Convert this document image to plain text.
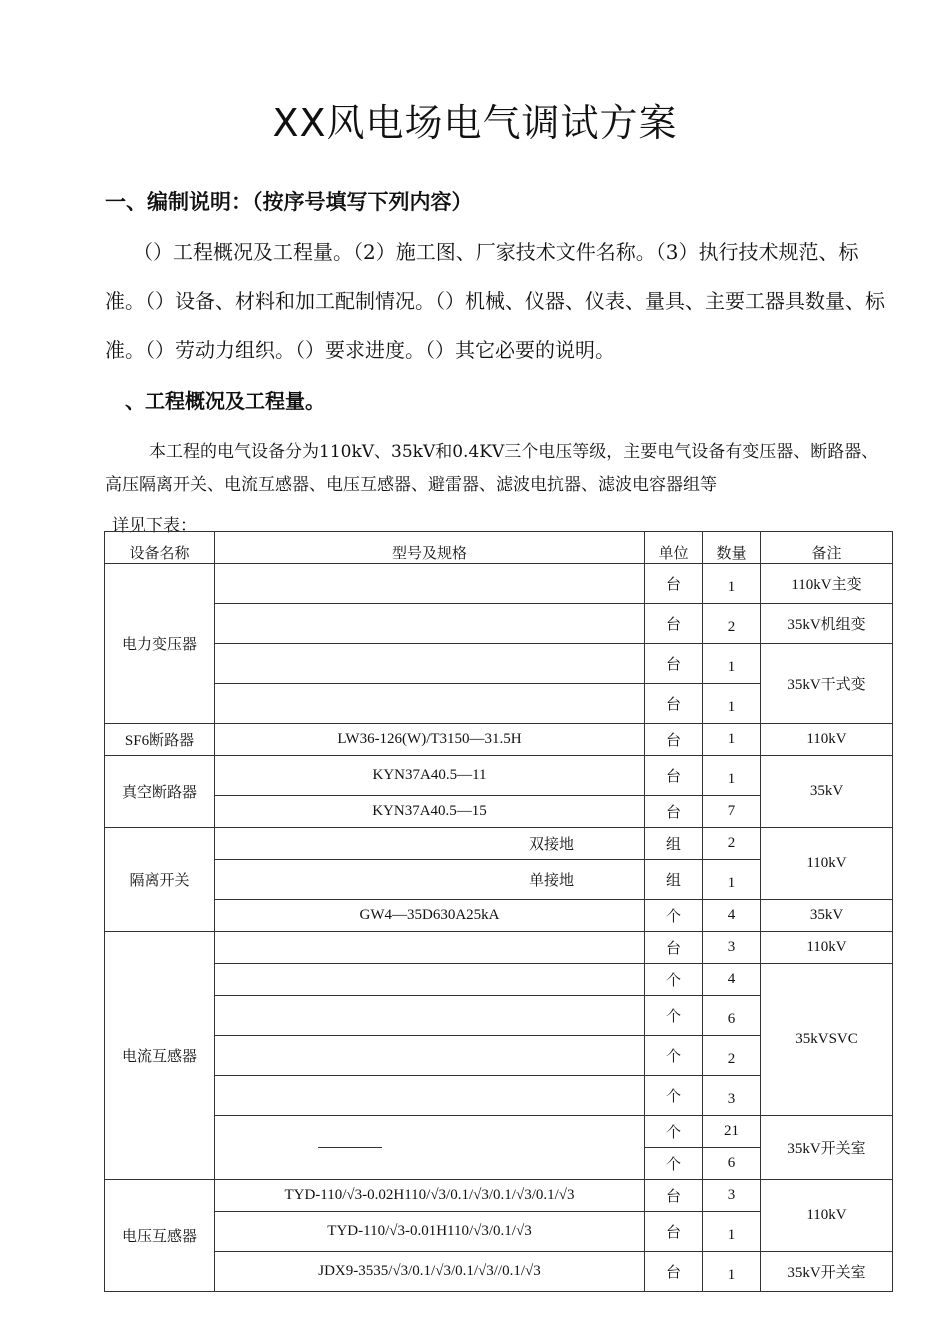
XX风电场电气调试方案
一、编制说明：（按序号填写下列内容）
（）工程概况及工程量。（2）施工图、厂家技术文件名称。（3）执行技术规范、标准。（）设备、材料和加工配制情况。（）机械、仪器、仪表、量具、主要工器具数量、标准。（）劳动力组织。（）要求进度。（）其它必要的说明。
、工程概况及工程量。
本工程的电气设备分为110kV、35kV和0.4KV三个电压等级，主要电气设备有变压器、断路器、高压隔离开关、电流互感器、电压互感器、避雷器、滤波电抗器、滤波电容器组等
详见下表：
设备名称	型号及规格	单位	数量	备注
电力变压器		台	1	110kV主变
		台	2	35kV机组变
		台	1	35kV干式变
		台	1	
SF6断路器	LW36-126(W)/T3150—31.5H	台	1	110kV
真空断路器	KYN37A40.5—11	台	1	35kV
	KYN37A40.5—15	台	7	
隔离开关	双接地	组	2	110kV
	单接地	组	1	
	GW4—35D630A25kA	个	4	35kV
电流互感器		台	3	110kV
		个	4	35kVSVC
		个	6	
		个	2	
		个	3	
		个	21	35kV开关室
		个	6	
电压互感器	TYD-110/√3-0.02H110/√3/0.1/√3/0.1/√3/0.1/√3	台	3	110kV
	TYD-110/√3-0.01H110/√3/0.1/√3	台	1	
	JDX9-3535/√3/0.1/√3/0.1/√3//0.1/√3	台	1	35kV开关室
